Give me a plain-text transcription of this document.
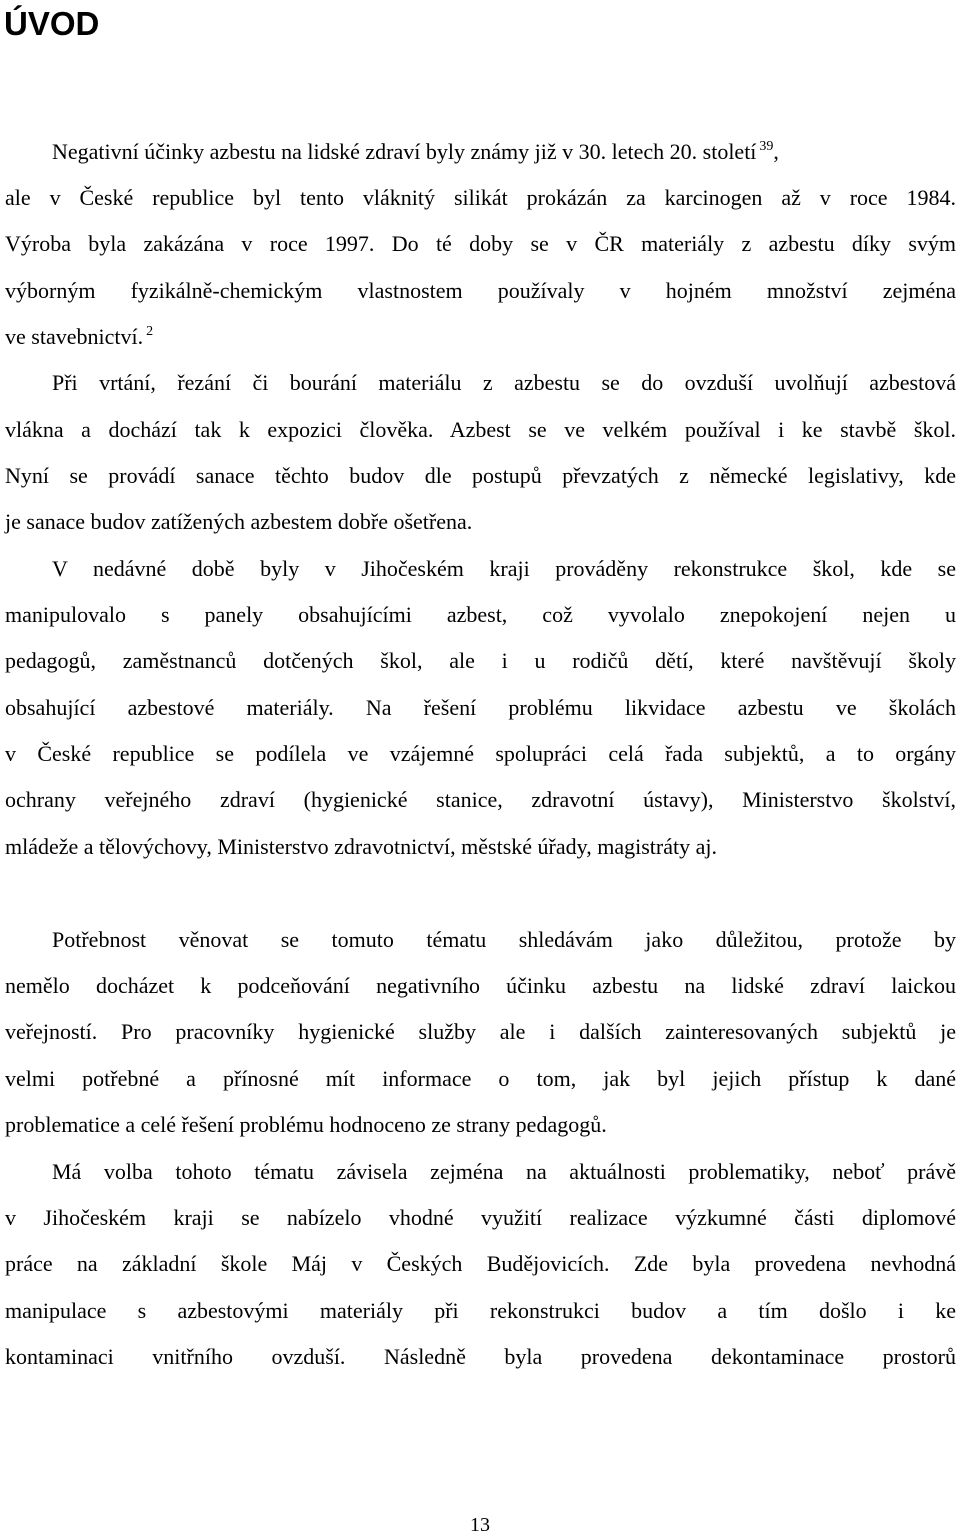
ÚVOD
Negativní účinky azbestu na lidské zdraví byly známy již v 30. letech 20. století $^{39}$,
ale v České republice byl tento vláknitý silikát prokázán za karcinogen až v roce 1984.
Výroba byla zakázána v roce 1997. Do té doby se v ČR materiály z azbestu díky svým
výborným fyzikálně-chemickým vlastnostem používaly v hojném množství zejména
ve stavebnictví. $^2$
Při vrtání, řezání či bourání materiálu z azbestu se do ovzduší uvolňují azbestová
vlákna a dochází tak k expozici člověka. Azbest se ve velkém používal i ke stavbě škol.
Nyní se provádí sanace těchto budov dle postupů převzatých z německé legislativy, kde
je sanace budov zatížených azbestem dobře ošetřena.
V nedávné době byly v Jihočeském kraji prováděny rekonstrukce škol, kde se
manipulovalo s panely obsahujícími azbest, což vyvolalo znepokojení nejen u
pedagogů, zaměstnanců dotčených škol, ale i u rodičů dětí, které navštěvují školy
obsahující azbestové materiály. Na řešení problému likvidace azbestu ve školách
v České republice se podílela ve vzájemné spolupráci celá řada subjektů, a to orgány
ochrany veřejného zdraví (hygienické stanice, zdravotní ústavy), Ministerstvo školství,
mládeže a tělovýchovy, Ministerstvo zdravotnictví, městské úřady, magistráty aj.
Potřebnost věnovat se tomuto tématu shledávám jako důležitou, protože by
nemělo docházet k podceňování negativního účinku azbestu na lidské zdraví laickou
veřejností. Pro pracovníky hygienické služby ale i dalších zainteresovaných subjektů je
velmi potřebné a přínosné mít informace o tom, jak byl jejich přístup k dané
problematice a celé řešení problému hodnoceno ze strany pedagogů.
Má volba tohoto tématu závisela zejména na aktuálnosti problematiky, neboť právě
v Jihočeském kraji se nabízelo vhodné využití realizace výzkumné části diplomové
práce na základní škole Máj v Českých Budějovicích. Zde byla provedena nevhodná
manipulace s azbestovými materiály při rekonstrukci budov a tím došlo i ke
kontaminaci vnitřního ovzduší. Následně byla provedena dekontaminace prostorů
13
